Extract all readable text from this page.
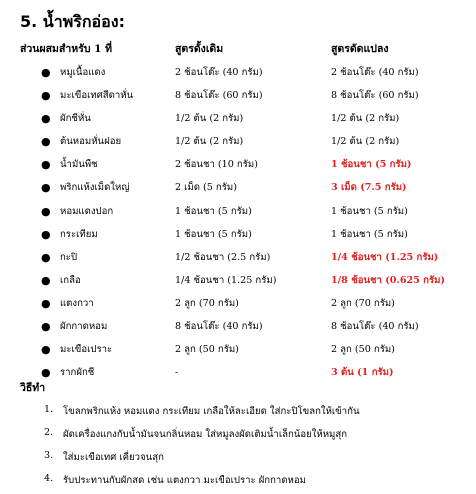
5. น้ำพริกอ่อง:
ส่วนผสมสำหรับ 1 ที่	สูตรดั้งเดิม	สูตรดัดแปลง
● หมูเนื้อแดง	2 ช้อนโต๊ะ (40 กรัม)	2 ช้อนโต๊ะ (40 กรัม)
● มะเขือเทศสีดาหั่น	8 ช้อนโต๊ะ (60 กรัม)	8 ช้อนโต๊ะ (60 กรัม)
● ผักชีหั่น	1/2 ต้น (2 กรัม)	1/2 ต้น (2 กรัม)
● ต้นหอมหั่นฝอย	1/2 ต้น (2 กรัม)	1/2 ต้น (2 กรัม)
● น้ำมันพืช	2 ช้อนชา (10 กรัม)	1 ช้อนชา (5 กรัม)
● พริกแห้งเม็ดใหญ่	2 เม็ด (5 กรัม)	3 เม็ด (7.5 กรัม)
● หอมแดงปอก	1 ช้อนชา (5 กรัม)	1 ช้อนชา (5 กรัม)
● กระเทียม	1 ช้อนชา (5 กรัม)	1 ช้อนชา (5 กรัม)
● กะปิ	1/2 ช้อนชา (2.5 กรัม)	1/4 ช้อนชา (1.25 กรัม)
● เกลือ	1/4 ช้อนชา (1.25 กรัม)	1/8 ช้อนชา (0.625 กรัม)
● แตงกวา	2 ลูก (70 กรัม)	2 ลูก (70 กรัม)
● ผักกาดหอม	8 ช้อนโต๊ะ (40 กรัม)	8 ช้อนโต๊ะ (40 กรัม)
● มะเขือเปราะ	2 ลูก (50 กรัม)	2 ลูก (50 กรัม)
● รากผักชี	-	3 ต้น (1 กรัม)
วิธีทำ
1. โขลกพริกแห้ง หอมแดง กระเทียม เกลือให้ละเอียด ใส่กะปิโขลกให้เข้ากัน
2. ผัดเครื่องแกงกับน้ำมันจนกลิ่นหอม ใส่หมูลงผัดเติมน้ำเล็กน้อยให้หมูสุก
3. ใส่มะเขือเทศ เคี่ยวจนสุก
4. รับประทานกับผักสด เช่น แตงกวา มะเขือเปราะ ผักกาดหอม
